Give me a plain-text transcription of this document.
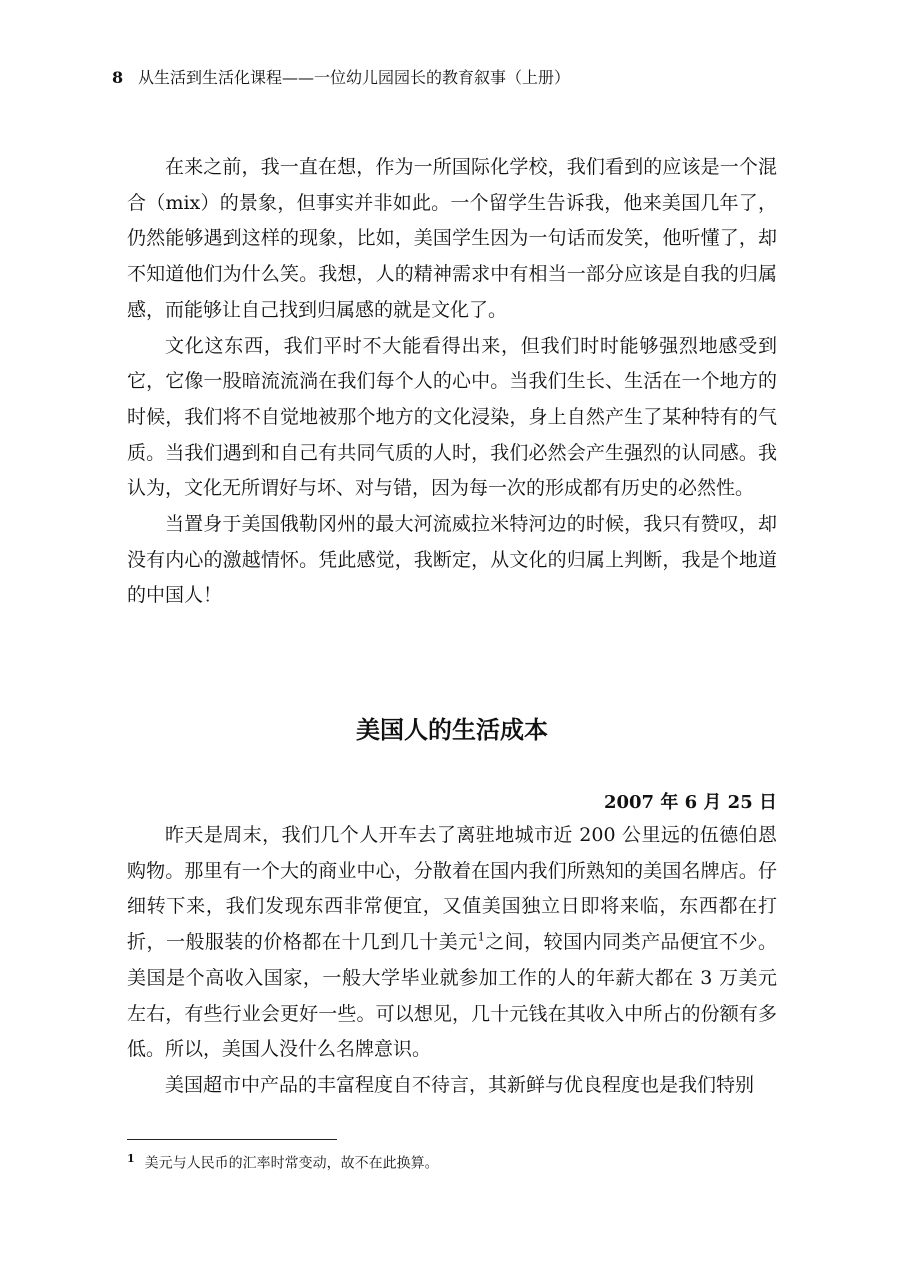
8 从生活到生活化课程——一位幼儿园园长的教育叙事（上册）

在来之前，我一直在想，作为一所国际化学校，我们看到的应该是一个混合（mix）的景象，但事实并非如此。一个留学生告诉我，他来美国几年了，仍然能够遇到这样的现象，比如，美国学生因为一句话而发笑，他听懂了，却不知道他们为什么笑。我想，人的精神需求中有相当一部分应该是自我的归属感，而能够让自己找到归属感的就是文化了。

文化这东西，我们平时不大能看得出来，但我们时时能够强烈地感受到它，它像一股暗流流淌在我们每个人的心中。当我们生长、生活在一个地方的时候，我们将不自觉地被那个地方的文化浸染，身上自然产生了某种特有的气质。当我们遇到和自己有共同气质的人时，我们必然会产生强烈的认同感。我认为，文化无所谓好与坏、对与错，因为每一次的形成都有历史的必然性。

当置身于美国俄勒冈州的最大河流威拉米特河边的时候，我只有赞叹，却没有内心的激越情怀。凭此感觉，我断定，从文化的归属上判断，我是个地道的中国人！

美国人的生活成本
2007 年 6 月 25 日

昨天是周末，我们几个人开车去了离驻地城市近 200 公里远的伍德伯恩购物。那里有一个大的商业中心，分散着在国内我们所熟知的美国名牌店。仔细转下来，我们发现东西非常便宜，又值美国独立日即将来临，东西都在打折，一般服装的价格都在十几到几十美元$^1$之间，较国内同类产品便宜不少。美国是个高收入国家，一般大学毕业就参加工作的人的年薪大都在 3 万美元左右，有些行业会更好一些。可以想见，几十元钱在其收入中所占的份额有多低。所以，美国人没什么名牌意识。

美国超市中产品的丰富程度自不待言，其新鲜与优良程度也是我们特别

$^1$ 美元与人民币的汇率时常变动，故不在此换算。
